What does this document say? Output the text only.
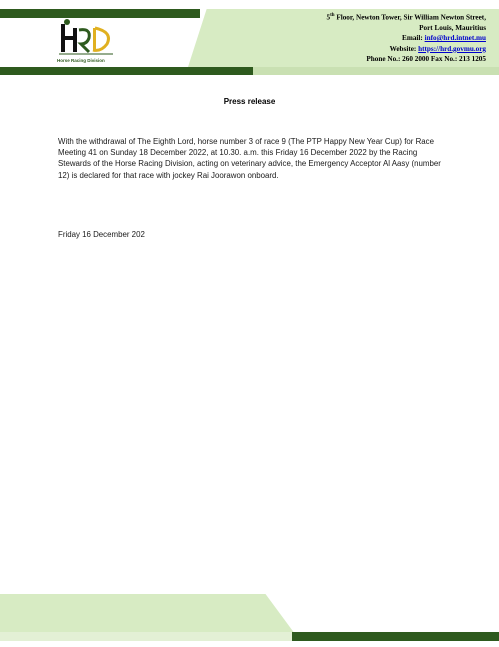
Horse Racing Division
5th Floor, Newton Tower, Sir William Newton Street,
Port Louis, Mauritius
Email: info@hrd.intnet.mu
Website: https://hrd.govmu.org
Phone No.: 260 2000 Fax No.: 213 1205
Press release
With the withdrawal of The Eighth Lord, horse number 3 of race 9 (The PTP Happy New Year Cup) for Race Meeting 41 on Sunday 18 December 2022, at 10.30. a.m. this Friday 16 December 2022 by the Racing Stewards of the Horse Racing Division, acting on veterinary advice, the Emergency Acceptor Al Aasy (number 12) is declared for that race with jockey Rai Joorawon onboard.
Friday 16 December 202
